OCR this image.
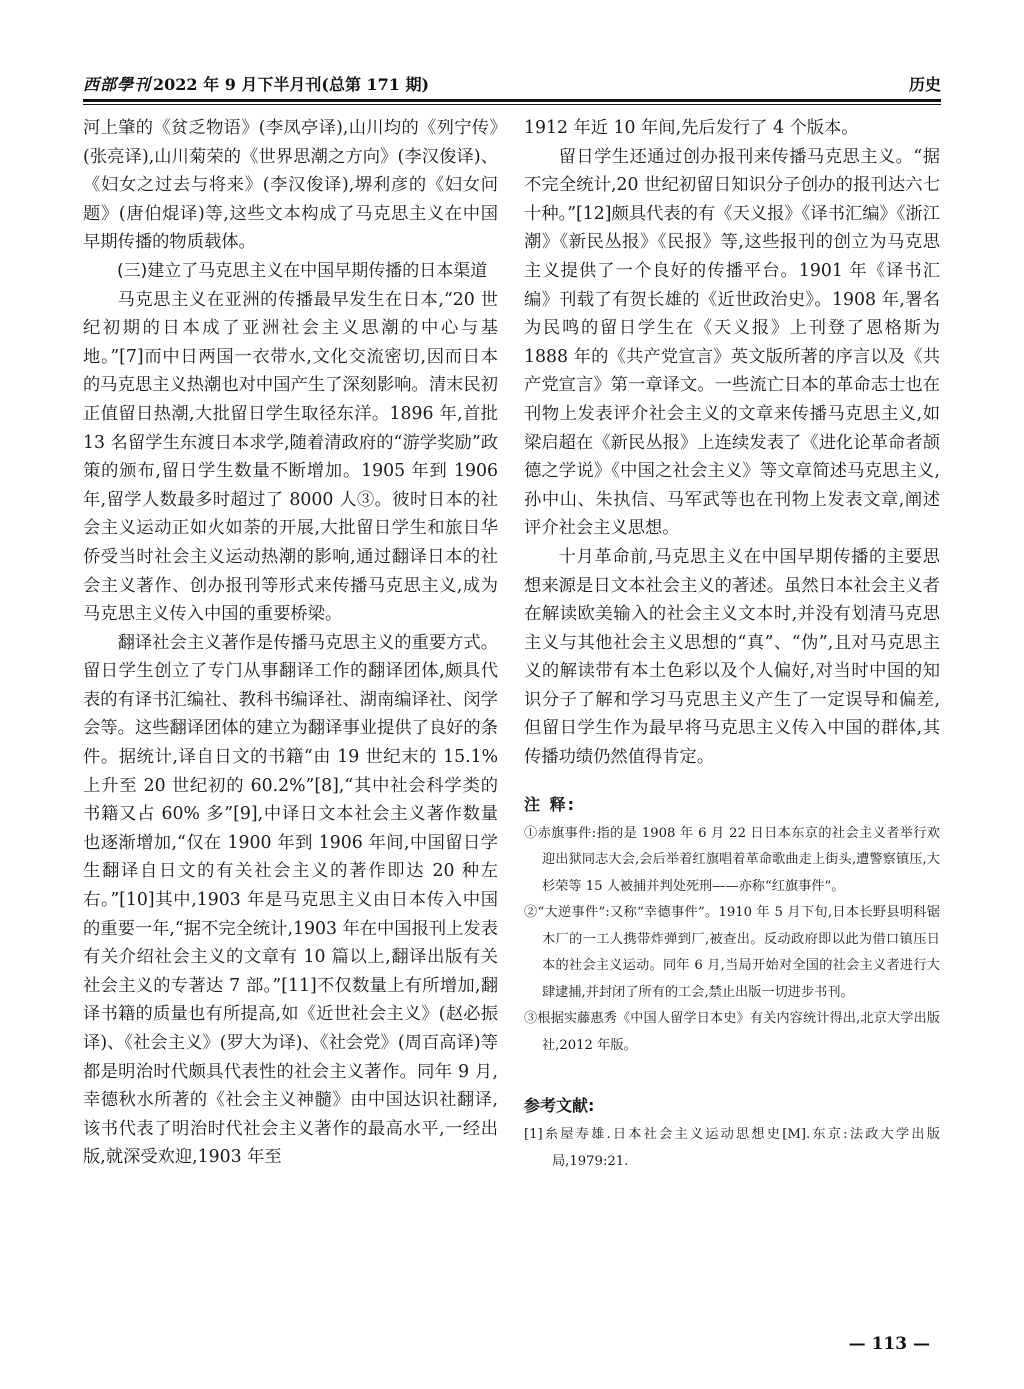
西部學刊 2022 年 9 月下半月刊(总第 171 期)	历史

河上肇的《贫乏物语》(李凤亭译),山川均的《列宁传》(张亮译),山川菊荣的《世界思潮之方向》(李汉俊译)、《妇女之过去与将来》(李汉俊译),堺利彦的《妇女问题》(唐伯焜译)等,这些文本构成了马克思主义在中国早期传播的物质载体。

(三)建立了马克思主义在中国早期传播的日本渠道

马克思主义在亚洲的传播最早发生在日本,“20 世纪初期的日本成了亚洲社会主义思潮的中心与基地。”[7]而中日两国一衣带水,文化交流密切,因而日本的马克思主义热潮也对中国产生了深刻影响。清末民初正值留日热潮,大批留日学生取径东洋。1896 年,首批 13 名留学生东渡日本求学,随着清政府的“游学奖励”政策的颁布,留日学生数量不断增加。1905 年到 1906 年,留学人数最多时超过了 8000 人③。彼时日本的社会主义运动正如火如荼的开展,大批留日学生和旅日华侨受当时社会主义运动热潮的影响,通过翻译日本的社会主义著作、创办报刊等形式来传播马克思主义,成为马克思主义传入中国的重要桥梁。

翻译社会主义著作是传播马克思主义的重要方式。留日学生创立了专门从事翻译工作的翻译团体,颇具代表的有译书汇编社、教科书编译社、湖南编译社、闵学会等。这些翻译团体的建立为翻译事业提供了良好的条件。据统计,译自日文的书籍“由 19 世纪末的 15.1% 上升至 20 世纪初的 60.2%”[8],“其中社会科学类的书籍又占 60% 多”[9],中译日文本社会主义著作数量也逐渐增加,“仅在 1900 年到 1906 年间,中国留日学生翻译自日文的有关社会主义的著作即达 20 种左右。”[10]其中,1903 年是马克思主义由日本传入中国的重要一年,“据不完全统计,1903 年在中国报刊上发表有关介绍社会主义的文章有 10 篇以上,翻译出版有关社会主义的专著达 7 部。”[11]不仅数量上有所增加,翻译书籍的质量也有所提高,如《近世社会主义》(赵必振译)、《社会主义》(罗大为译)、《社会党》(周百高译)等都是明治时代颇具代表性的社会主义著作。同年 9 月,幸德秋水所著的《社会主义神髓》由中国达识社翻译,该书代表了明治时代社会主义著作的最高水平,一经出版,就深受欢迎,1903 年至

1912 年近 10 年间,先后发行了 4 个版本。

留日学生还通过创办报刊来传播马克思主义。“据不完全统计,20 世纪初留日知识分子创办的报刊达六七十种。”[12]颇具代表的有《天义报》《译书汇编》《浙江潮》《新民丛报》《民报》等,这些报刊的创立为马克思主义提供了一个良好的传播平台。1901 年《译书汇编》刊载了有贺长雄的《近世政治史》。1908 年,署名为民鸣的留日学生在《天义报》上刊登了恩格斯为 1888 年的《共产党宣言》英文版所著的序言以及《共产党宣言》第一章译文。一些流亡日本的革命志士也在刊物上发表评介社会主义的文章来传播马克思主义,如梁启超在《新民丛报》上连续发表了《进化论革命者颉德之学说》《中国之社会主义》等文章简述马克思主义,孙中山、朱执信、马军武等也在刊物上发表文章,阐述评介社会主义思想。

十月革命前,马克思主义在中国早期传播的主要思想来源是日文本社会主义的著述。虽然日本社会主义者在解读欧美输入的社会主义文本时,并没有划清马克思主义与其他社会主义思想的“真”、“伪”,且对马克思主义的解读带有本土色彩以及个人偏好,对当时中国的知识分子了解和学习马克思主义产生了一定误导和偏差,但留日学生作为最早将马克思主义传入中国的群体,其传播功绩仍然值得肯定。

注 释:

①赤旗事件:指的是 1908 年 6 月 22 日日本东京的社会主义者举行欢迎出狱同志大会,会后举着红旗唱着革命歌曲走上街头,遭警察镇压,大杉荣等 15 人被捕并判处死刑——亦称“红旗事件”。

②“大逆事件”:又称“幸德事件”。1910 年 5 月下旬,日本长野县明科锯木厂的一工人携带炸弹到厂,被查出。反动政府即以此为借口镇压日本的社会主义运动。同年 6 月,当局开始对全国的社会主义者进行大肆逮捕,并封闭了所有的工会,禁止出版一切进步书刊。

③根据实藤惠秀《中国人留学日本史》有关内容统计得出,北京大学出版社,2012 年版。

参考文献:

[1]糸屋寿雄.日本社会主义运动思想史[M].东京:法政大学出版局,1979:21.

— 113 —
